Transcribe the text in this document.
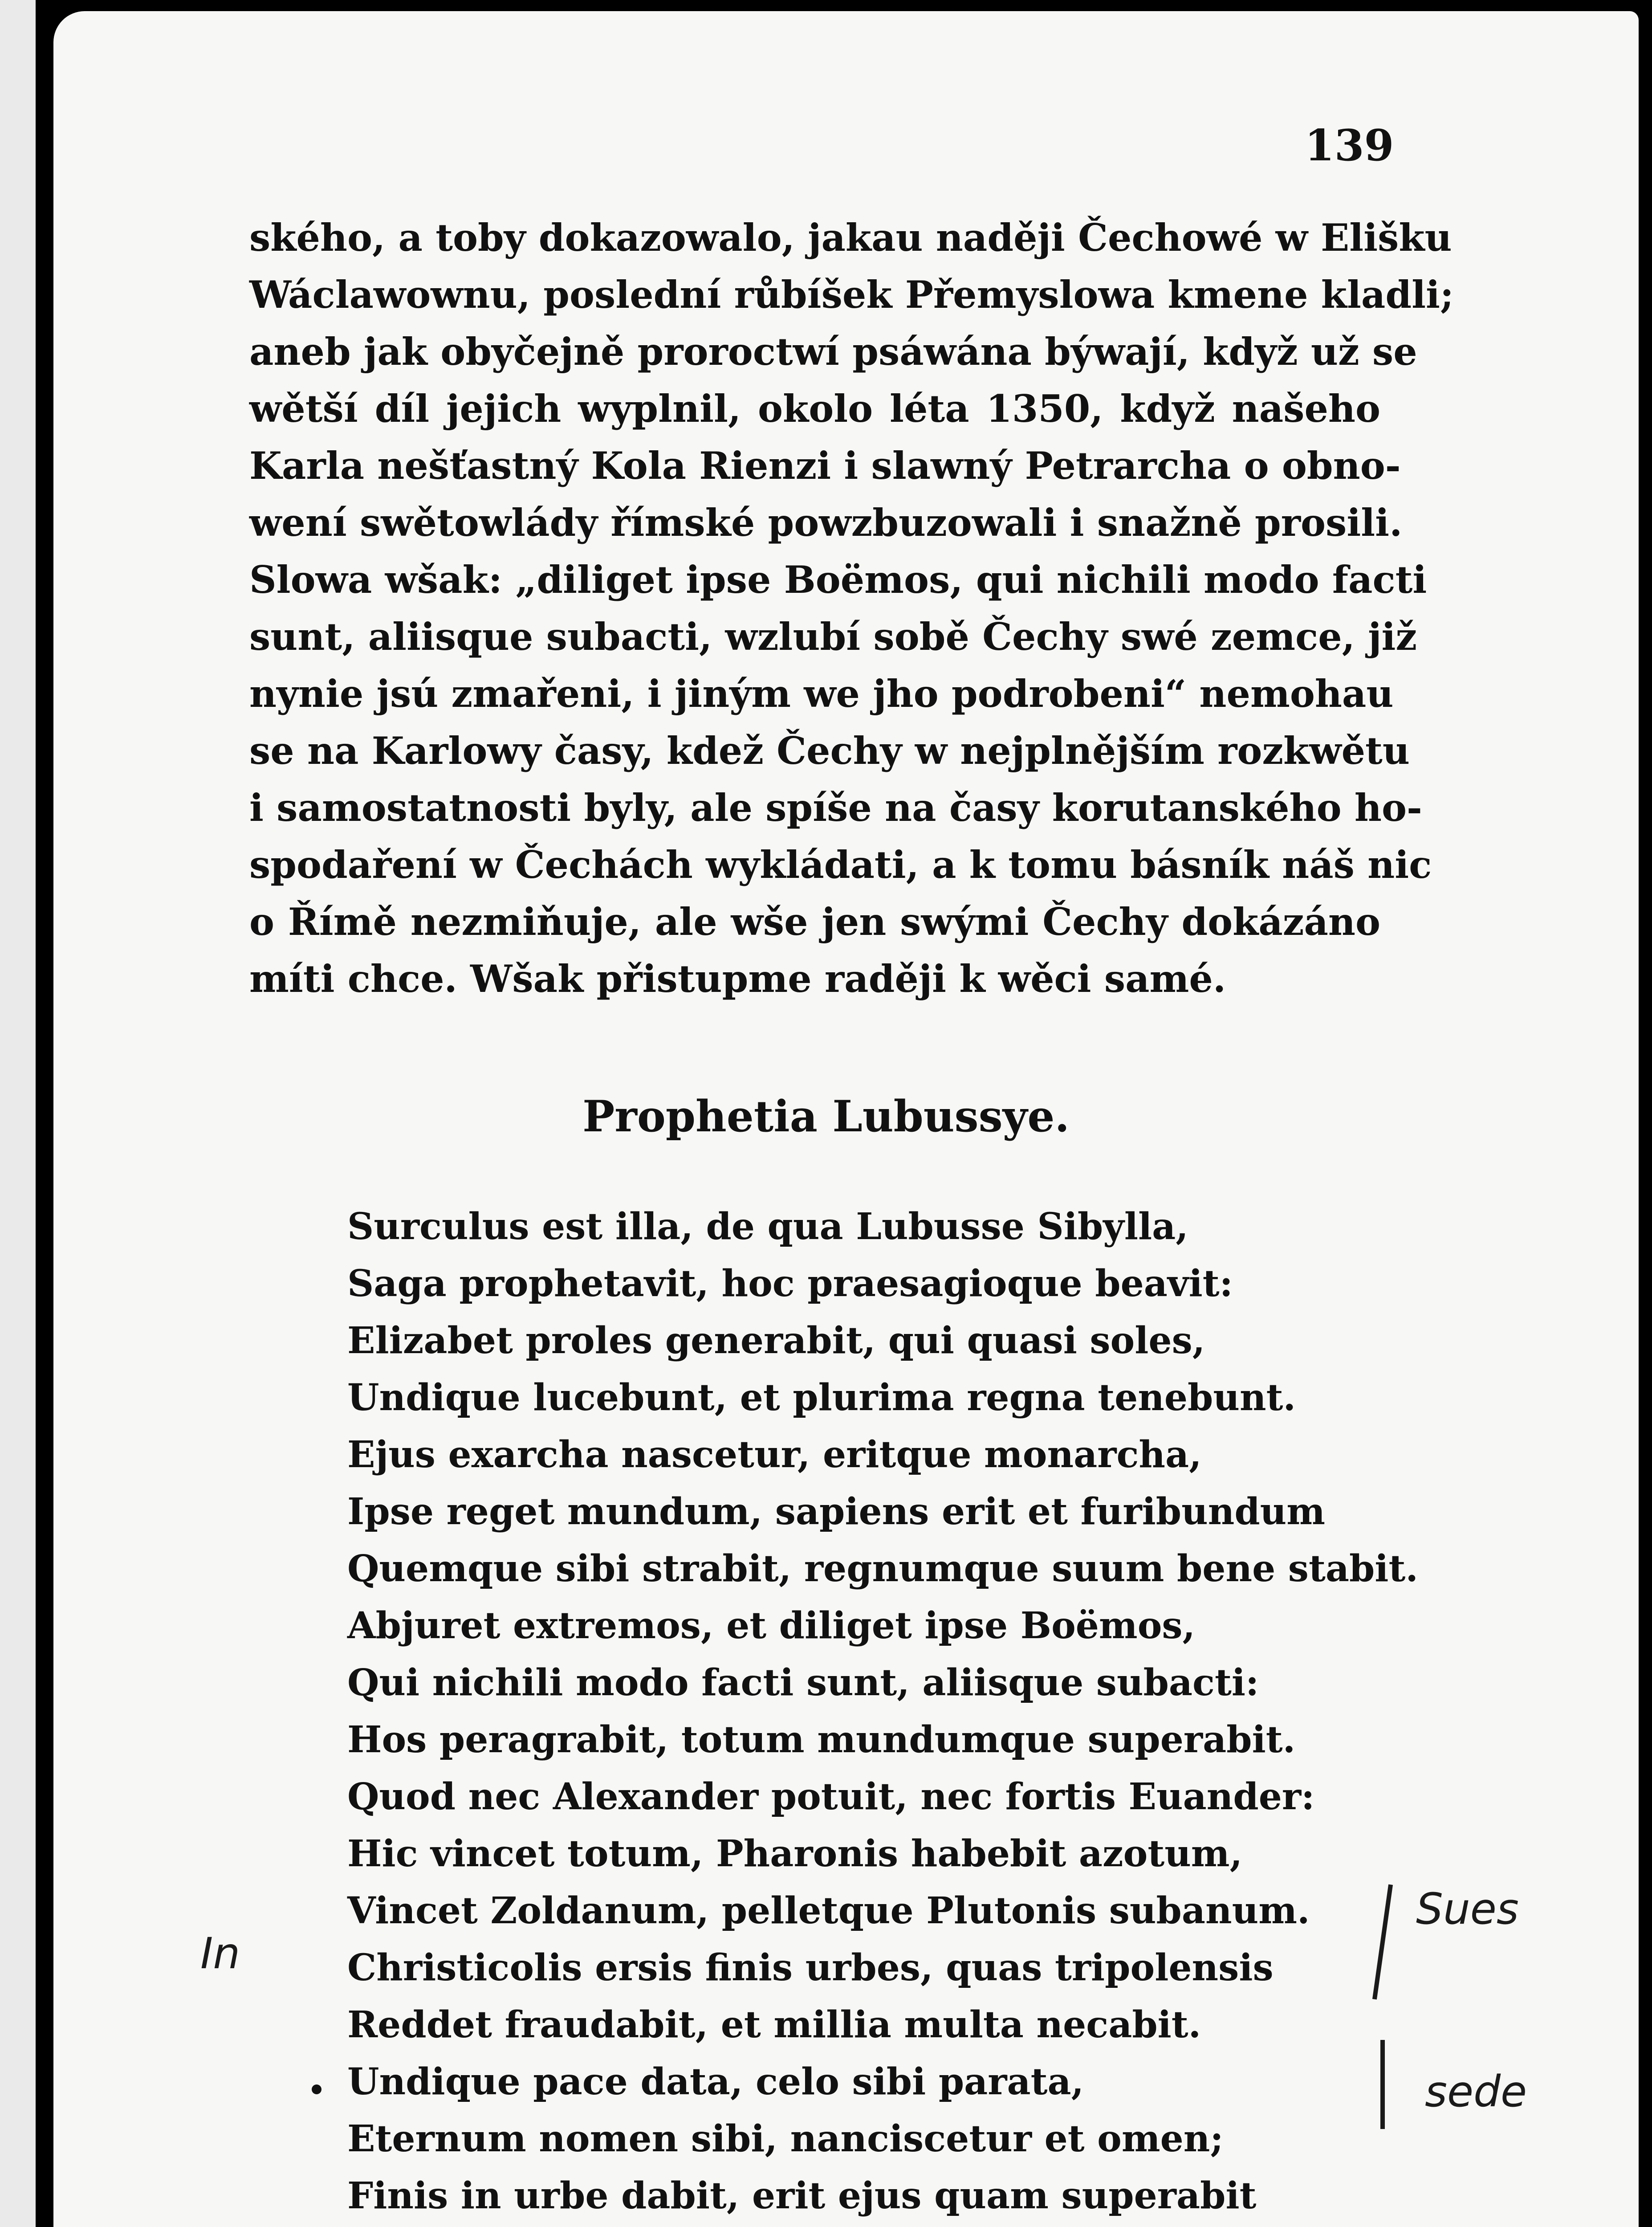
139
ského, a toby dokazowalo, jakau naději Čechowé w Elišku
Wáclawownu, poslední růbíšek Přemyslowa kmene kladli;
aneb jak obyčejně proroctwí psáwána býwají, když už se
wětší díl jejich wyplnil, okolo léta 1350, když našeho
Karla nešťastný Kola Rienzi i slawný Petrarcha o obno-
wení swětowlády římské powzbuzowali i snažně prosili.
Slowa wšak: „diliget ipse Boëmos, qui nichili modo facti
sunt, aliisque subacti, wzlubí sobě Čechy swé zemce, již
nynie jsú zmařeni, i jiným we jho podrobeni“ nemohau
se na Karlowy časy, kdež Čechy w nejplnějším rozkwětu
i samostatnosti byly, ale spíše na časy korutanského ho-
spodaření w Čechách wykládati, a k tomu básník náš nic
o Římě nezmiňuje, ale wše jen swými Čechy dokázáno
míti chce. Wšak přistupme raději k wěci samé.
Prophetia Lubussye.
Surculus est illa, de qua Lubusse Sibylla,
Saga prophetavit, hoc praesagioque beavit:
Elizabet proles generabit, qui quasi soles,
Undique lucebunt, et plurima regna tenebunt.
Ejus exarcha nascetur, eritque monarcha,
Ipse reget mundum, sapiens erit et furibundum
Quemque sibi strabit, regnumque suum bene stabit.
Abjuret extremos, et diliget ipse Boëmos,
Qui nichili modo facti sunt, aliisque subacti:
Hos peragrabit, totum mundumque superabit.
Quod nec Alexander potuit, nec fortis Euander:
Hic vincet totum, Pharonis habebit azotum,
Vincet Zoldanum, pelletque Plutonis subanum.
Christicolis ersis finis urbes, quas tripolensis
Reddet fraudabit, et millia multa necabit.
Undique pace data, celo sibi parata,
Eternum nomen sibi, nanciscetur et omen;
Finis in urbe dabit, erit ejus quam superabit
In
Sues
sede
